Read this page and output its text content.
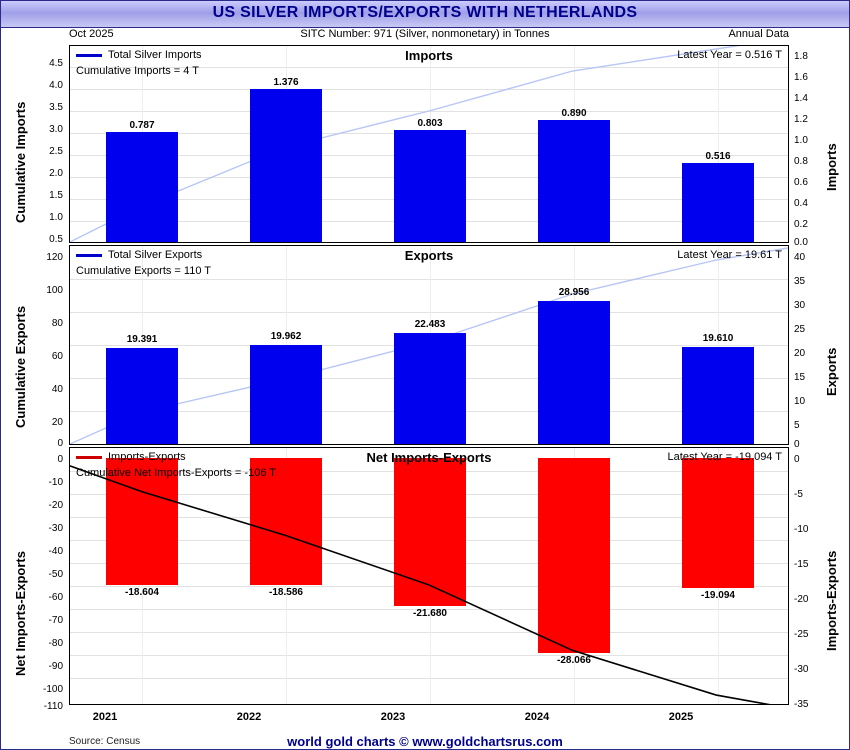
US SILVER IMPORTS/EXPORTS WITH NETHERLANDS
Oct 2025	SITC Number: 971 (Silver, nonmonetary) in Tonnes	Annual Data
Cumulative Imports	Imports
0.787
1.376
0.803
0.890
0.516
Imports
Total Silver Imports
Cumulative Imports = 4 T
Latest Year = 0.516 T
4.5
4.0
3.5
3.0
2.5
2.0
1.5
1.0
0.5
1.8
1.6
1.4
1.2
1.0
0.8
0.6
0.4
0.2
0.0
Cumulative Exports	Exports
19.391	19.962
22.483
28.956
19.610
Exports
Total Silver Exports
Cumulative Exports = 110 T
Latest Year = 19.61 T
120
100
80
60
40
20
0
40
35
30
25
20
15
10
5
0
Net Imports-Exports	Imports-Exports
-18.604	-18.586
-21.680
-28.066
-19.094
Net Imports-Exports
Imports-Exports
Cumulative Net Imports-Exports = -106 T
Latest Year = -19.094 T
0
-10
-20
-30
-40
-50
-60
-70
-80
-90
-100
-110
0
-5
-10
-15
-20
-25
-30
-35
2021	2022	2023	2024	2025
Source: Census	world gold charts © www.goldchartsrus.com
